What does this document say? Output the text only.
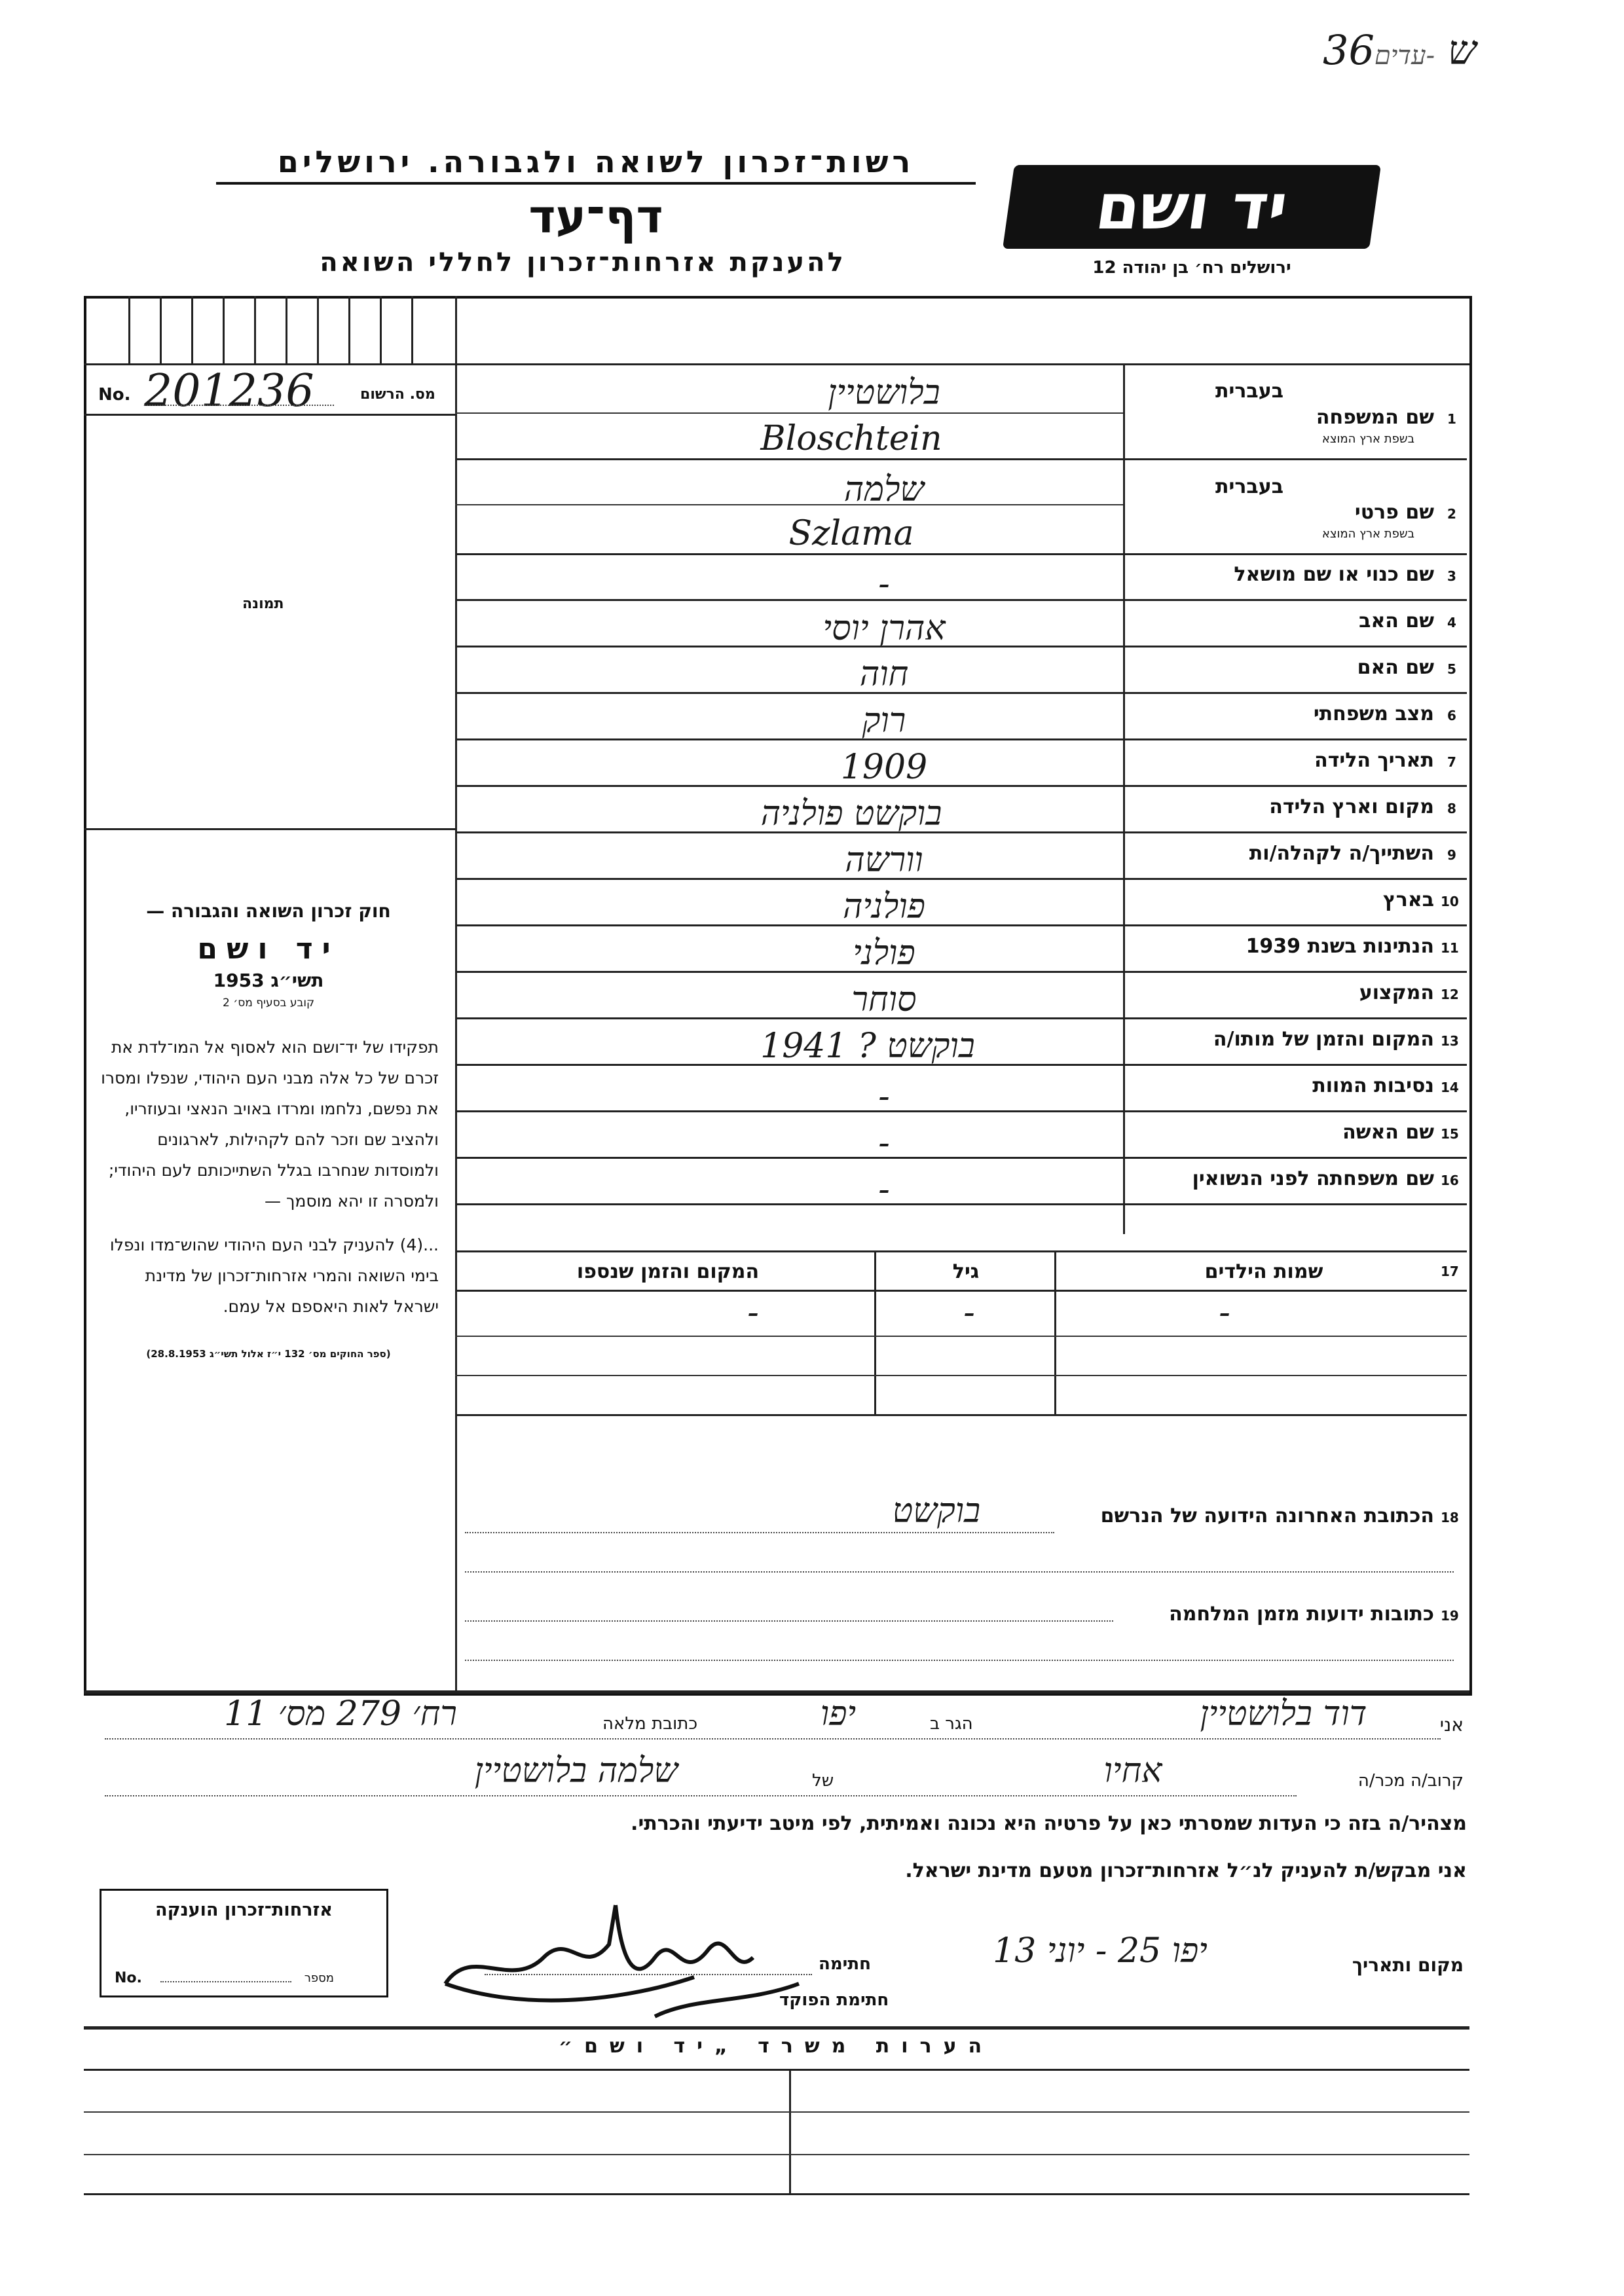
36ש -עדים
רשות־זכרון לשואה ולגבורה. ירושלים
דף־עד
להענקת אזרחות־זכרון לחללי השואה
יד ושם
ירושלים רח׳ בן יהודה 12
No. 201236	מס. הרשום
תמונה
חוק זכרון השואה והגבורה —
יד ושם
תשי״ג 1953
קובע בסעיף מס׳ 2
תפקידו של יד־ושם הוא לאסוף אל המו־לדת את זכרם של כל אלה מבני העם היהודי, שנפלו ומסרו את נפשם, נלחמו ומרדו באויב הנאצי ובעוזריו, ולהציב שם וזכר להם לקהילות, לארגונים ולמוסדות שנחרבו בגלל השתייכותם לעם היהודי; ולמסרה זו יהא מוסמך —
...(4) להעניק לבני העם היהודי שהוש־מדו ונפלו בימי השואה והמרי אזרחות־זכרון של מדינת ישראל לאות היאספם אל עמם.
(ספר החוקים מס׳ 132 י״ז אלול תשי״ג 28.8.1953)
בעברית
בשפת ארץ המוצא
שם המשפחה 1
בלושטיין
Bloschtein
בעברית
בשפת ארץ המוצא
שם פרטי 2
שלמה
Szlama
שם כנוי או שם מושאל 3
-
שם האב 4
אהרן יוסי
שם האם 5
חוה
מצב משפחתי 6
רוק
תאריך הלידה 7
1909
מקום וארץ הלידה 8
בוקשט פולניה
השתייך/ה לקהלה/ות 9
וורשה
בארץ 10
פולניה
הנתינות בשנת 1939 11
פולני
המקצוע 12
סוחר
המקום והזמן של מותו/ה 13
בוקשט ? 1941
נסיבות המוות 14
-
שם האשה 15
-
שם משפחתה לפני הנשואין 16
-
17
שמות הילדים
גיל
המקום והזמן שנספו
-
-
-
הכתובת האחרונה הידועה של הנרשם 18
בוקשט
כתובות ידועות מזמן המלחמה 19
אני
דוד בלושטיין
הגר ב
יפו
כתובת מלאה
רח׳ 279 מס׳ 11
קרוב/ה מכר/ה
אחיו
של
שלמה בלושטיין
מצהיר/ה בזה כי העדות שמסרתי כאן על פרטיה היא נכונה ואמיתית, לפי מיטב ידיעתי והכרתי.
אני מבקש/ת להעניק לנ״ל אזרחות־זכרון מטעם מדינת ישראל.
מקום ותאריך
יפו 25 - יוני 13
חתימה
חתימת הפוקד
אזרחות־זכרון הוענקה
No.	מספר
הערות משרד „יד ושם״
